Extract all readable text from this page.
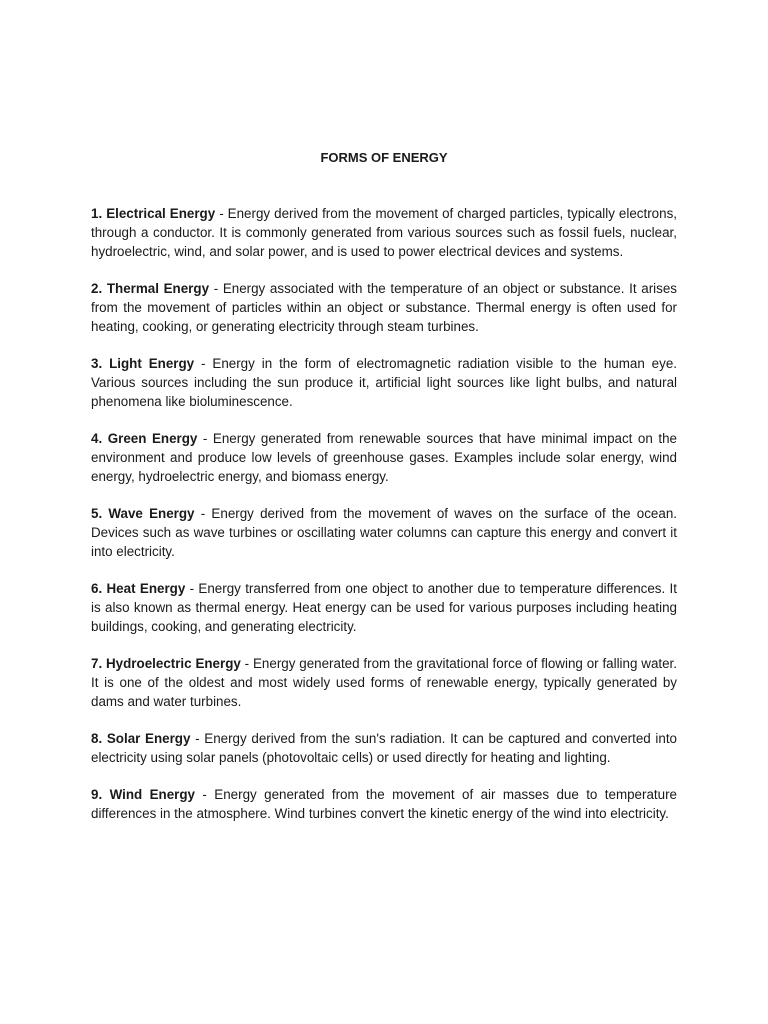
FORMS OF ENERGY

1. Electrical Energy - Energy derived from the movement of charged particles, typically electrons, through a conductor. It is commonly generated from various sources such as fossil fuels, nuclear, hydroelectric, wind, and solar power, and is used to power electrical devices and systems.

2. Thermal Energy - Energy associated with the temperature of an object or substance. It arises from the movement of particles within an object or substance. Thermal energy is often used for heating, cooking, or generating electricity through steam turbines.

3. Light Energy - Energy in the form of electromagnetic radiation visible to the human eye. Various sources including the sun produce it, artificial light sources like light bulbs, and natural phenomena like bioluminescence.

4. Green Energy - Energy generated from renewable sources that have minimal impact on the environment and produce low levels of greenhouse gases. Examples include solar energy, wind energy, hydroelectric energy, and biomass energy.

5. Wave Energy - Energy derived from the movement of waves on the surface of the ocean. Devices such as wave turbines or oscillating water columns can capture this energy and convert it into electricity.

6. Heat Energy - Energy transferred from one object to another due to temperature differences. It is also known as thermal energy. Heat energy can be used for various purposes including heating buildings, cooking, and generating electricity.

7. Hydroelectric Energy - Energy generated from the gravitational force of flowing or falling water. It is one of the oldest and most widely used forms of renewable energy, typically generated by dams and water turbines.

8. Solar Energy - Energy derived from the sun's radiation. It can be captured and converted into electricity using solar panels (photovoltaic cells) or used directly for heating and lighting.

9. Wind Energy - Energy generated from the movement of air masses due to temperature differences in the atmosphere. Wind turbines convert the kinetic energy of the wind into electricity.
